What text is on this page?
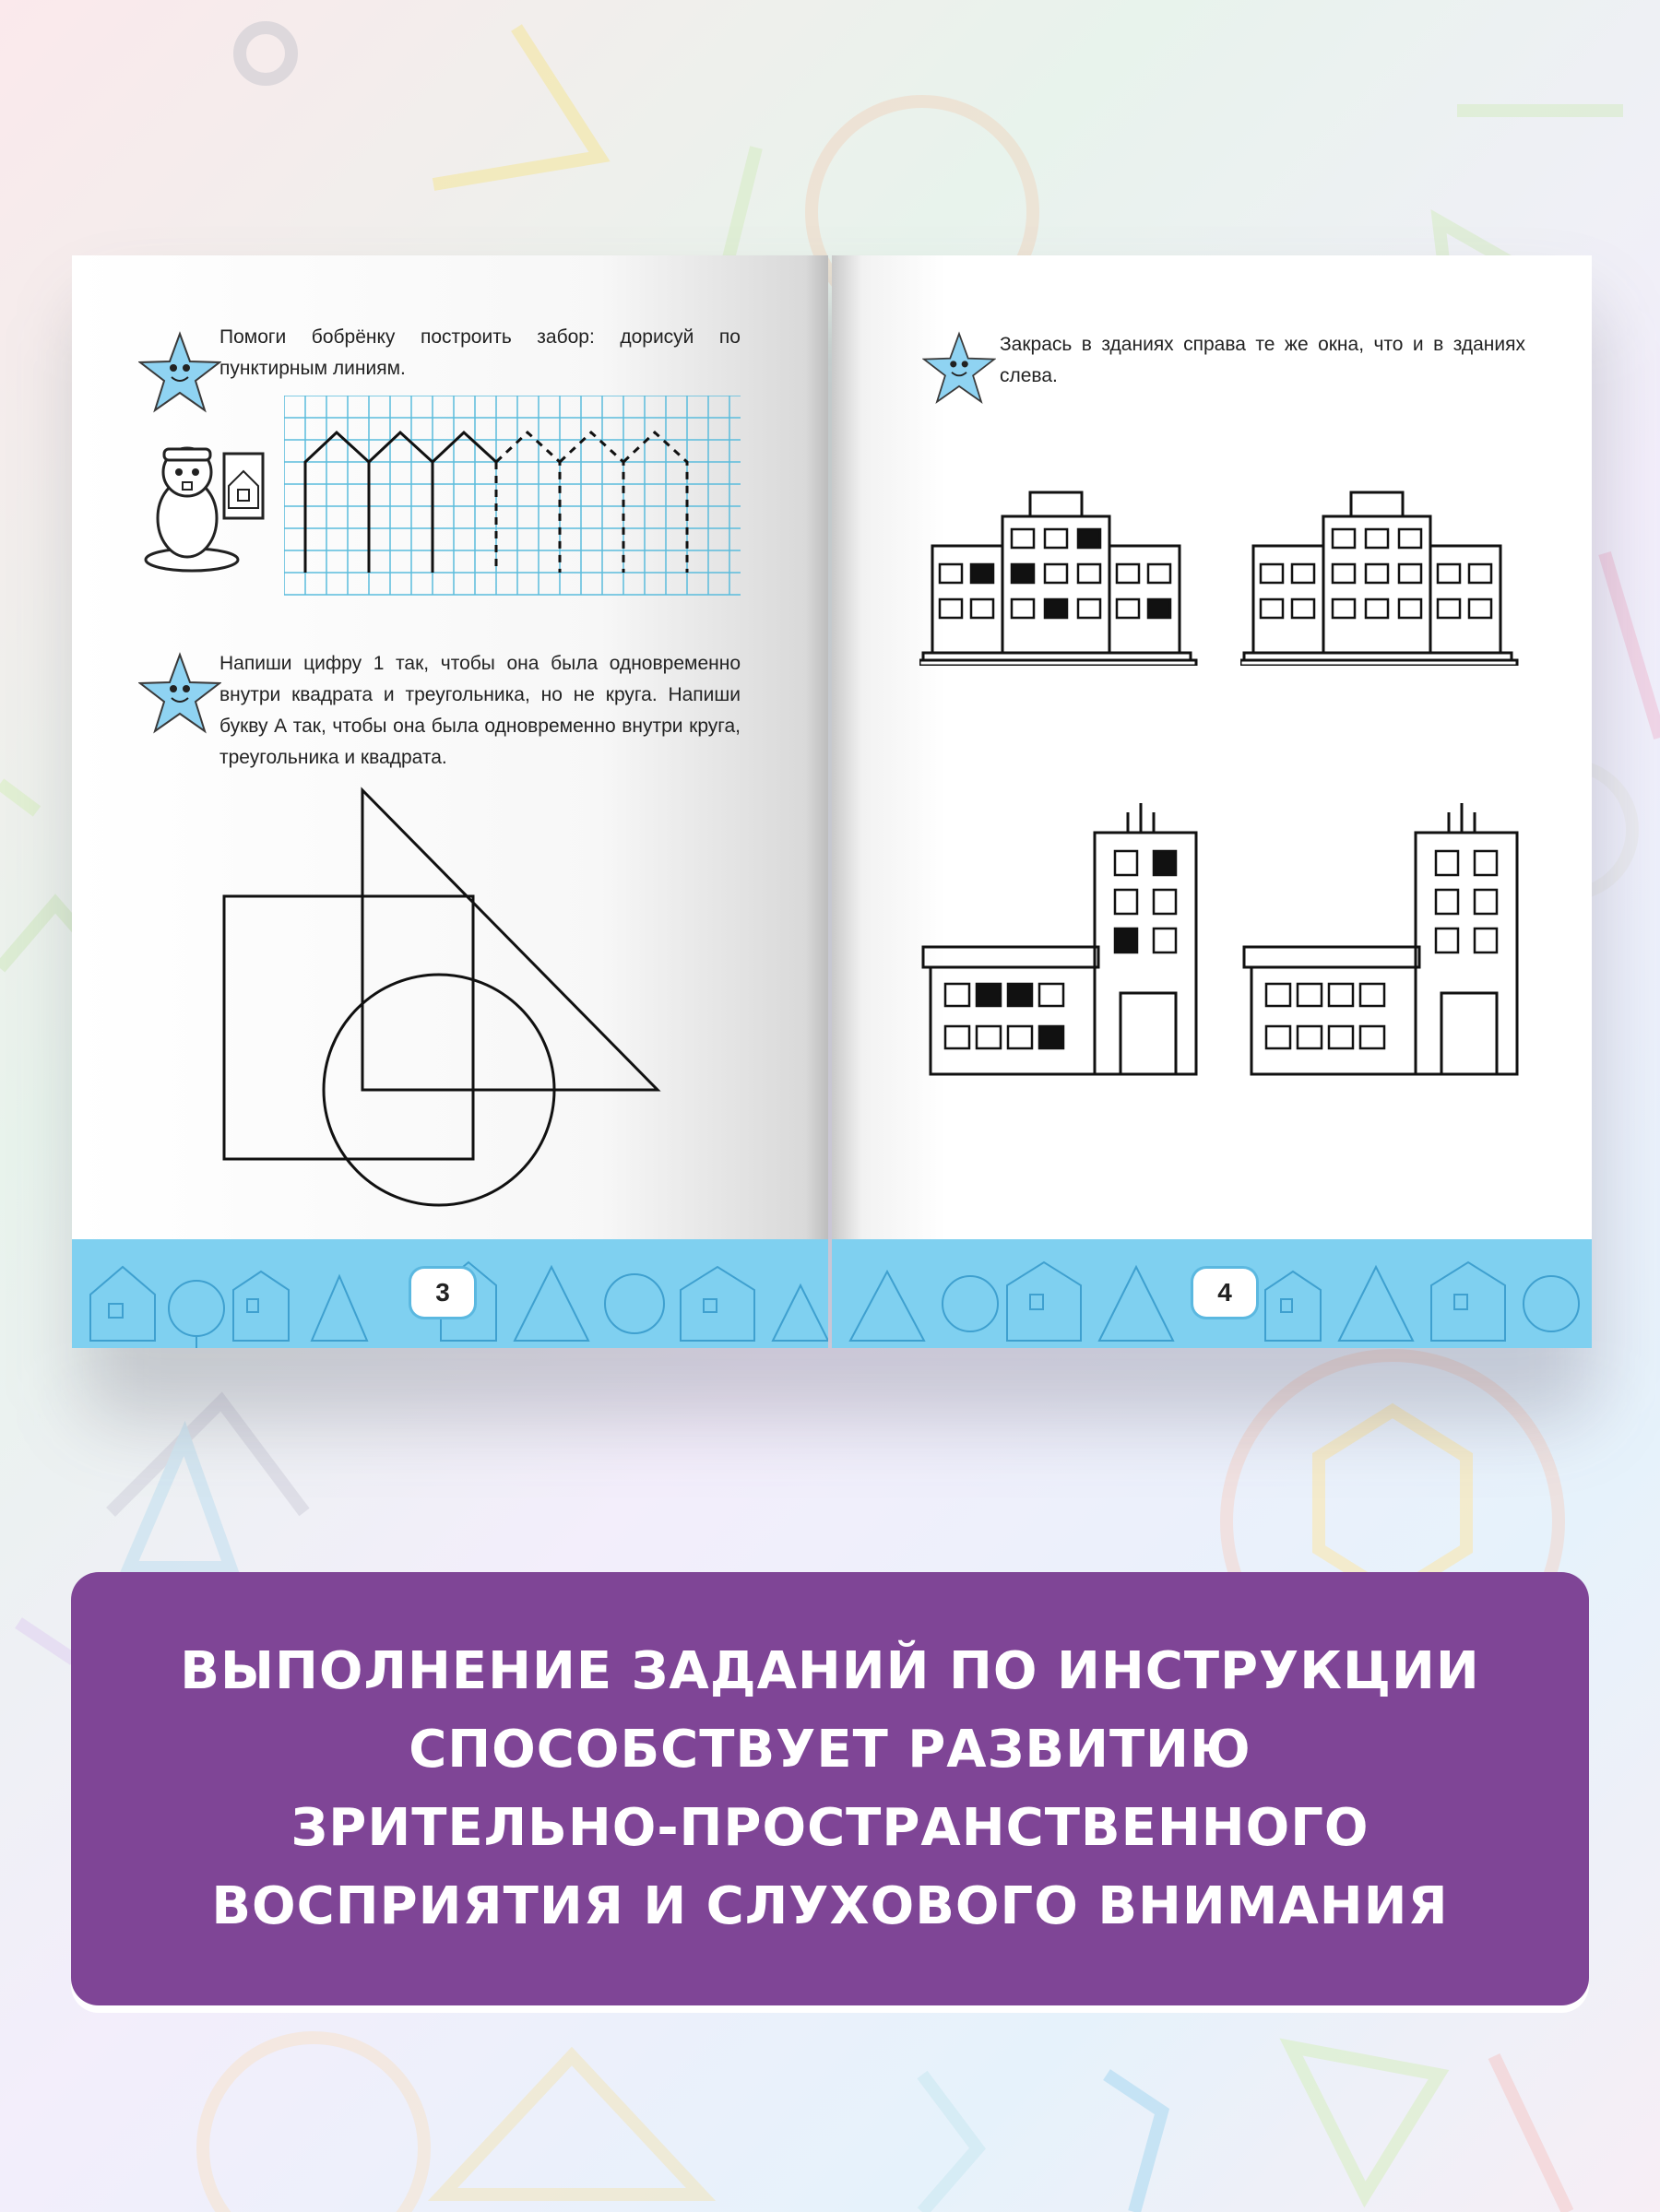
Помоги бобрёнку построить забор: дорисуй по пунктирным линиям.
Напиши цифру 1 так, чтобы она была одновременно внутри квадрата и треугольника, но не круга. Напиши букву А так, чтобы она была одновременно внутри круга, треугольника и квадрата.
3
Закрась в зданиях справа те же окна, что и в зданиях слева.
4

ВЫПОЛНЕНИЕ ЗАДАНИЙ ПО ИНСТРУКЦИИ
СПОСОБСТВУЕТ РАЗВИТИЮ
ЗРИТЕЛЬНО-ПРОСТРАНСТВЕННОГО
ВОСПРИЯТИЯ И СЛУХОВОГО ВНИМАНИЯ
